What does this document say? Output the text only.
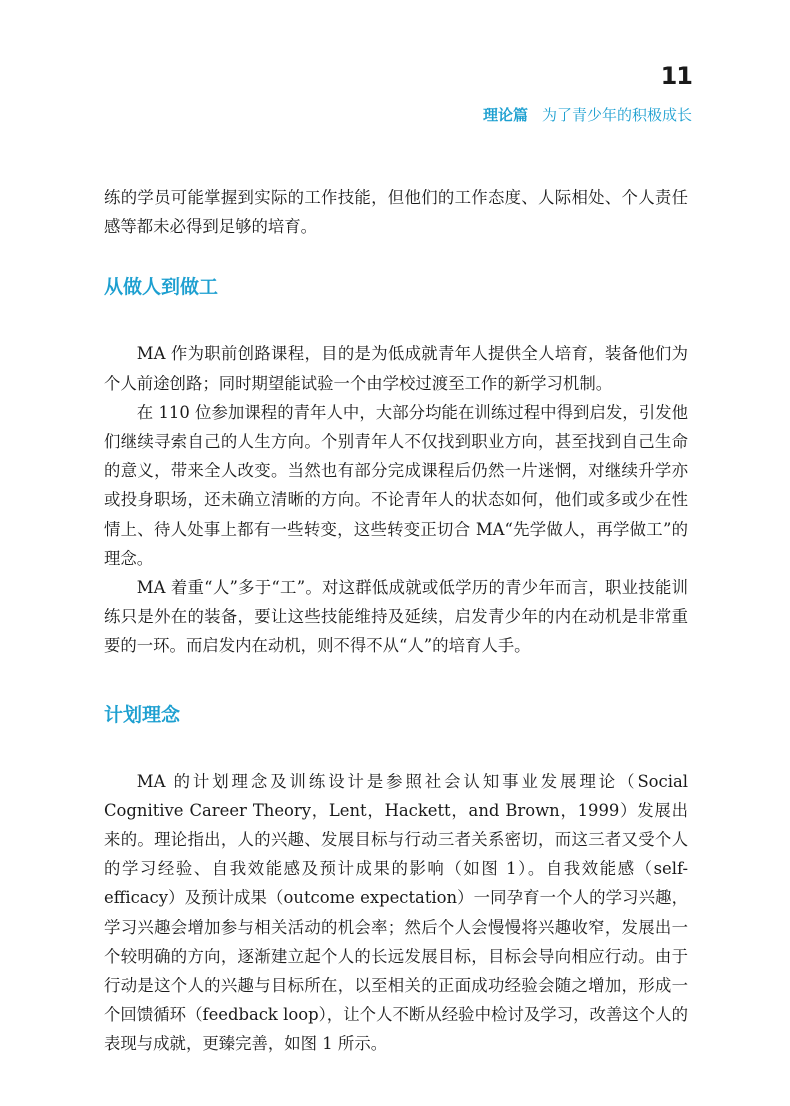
11
理论篇 为了青少年的积极成长

练的学员可能掌握到实际的工作技能，但他们的工作态度、人际相处、个人责任感等都未必得到足够的培育。

从做人到做工

MA 作为职前创路课程，目的是为低成就青年人提供全人培育，装备他们为个人前途创路；同时期望能试验一个由学校过渡至工作的新学习机制。

在 110 位参加课程的青年人中，大部分均能在训练过程中得到启发，引发他们继续寻索自己的人生方向。个别青年人不仅找到职业方向，甚至找到自己生命的意义，带来全人改变。当然也有部分完成课程后仍然一片迷惘，对继续升学亦或投身职场，还未确立清晰的方向。不论青年人的状态如何，他们或多或少在性情上、待人处事上都有一些转变，这些转变正切合 MA“先学做人，再学做工”的理念。

MA 着重“人”多于“工”。对这群低成就或低学历的青少年而言，职业技能训练只是外在的装备，要让这些技能维持及延续，启发青少年的内在动机是非常重要的一环。而启发内在动机，则不得不从“人”的培育人手。

计划理念

MA 的计划理念及训练设计是参照社会认知事业发展理论（Social Cognitive Career Theory，Lent，Hackett，and Brown，1999）发展出来的。理论指出，人的兴趣、发展目标与行动三者关系密切，而这三者又受个人的学习经验、自我效能感及预计成果的影响（如图 1）。自我效能感（self-efficacy）及预计成果（outcome expectation）一同孕育一个人的学习兴趣，学习兴趣会增加参与相关活动的机会率；然后个人会慢慢将兴趣收窄，发展出一个较明确的方向，逐渐建立起个人的长远发展目标，目标会导向相应行动。由于行动是这个人的兴趣与目标所在，以至相关的正面成功经验会随之增加，形成一个回馈循环（feedback loop），让个人不断从经验中检讨及学习，改善这个人的表现与成就，更臻完善，如图 1 所示。
